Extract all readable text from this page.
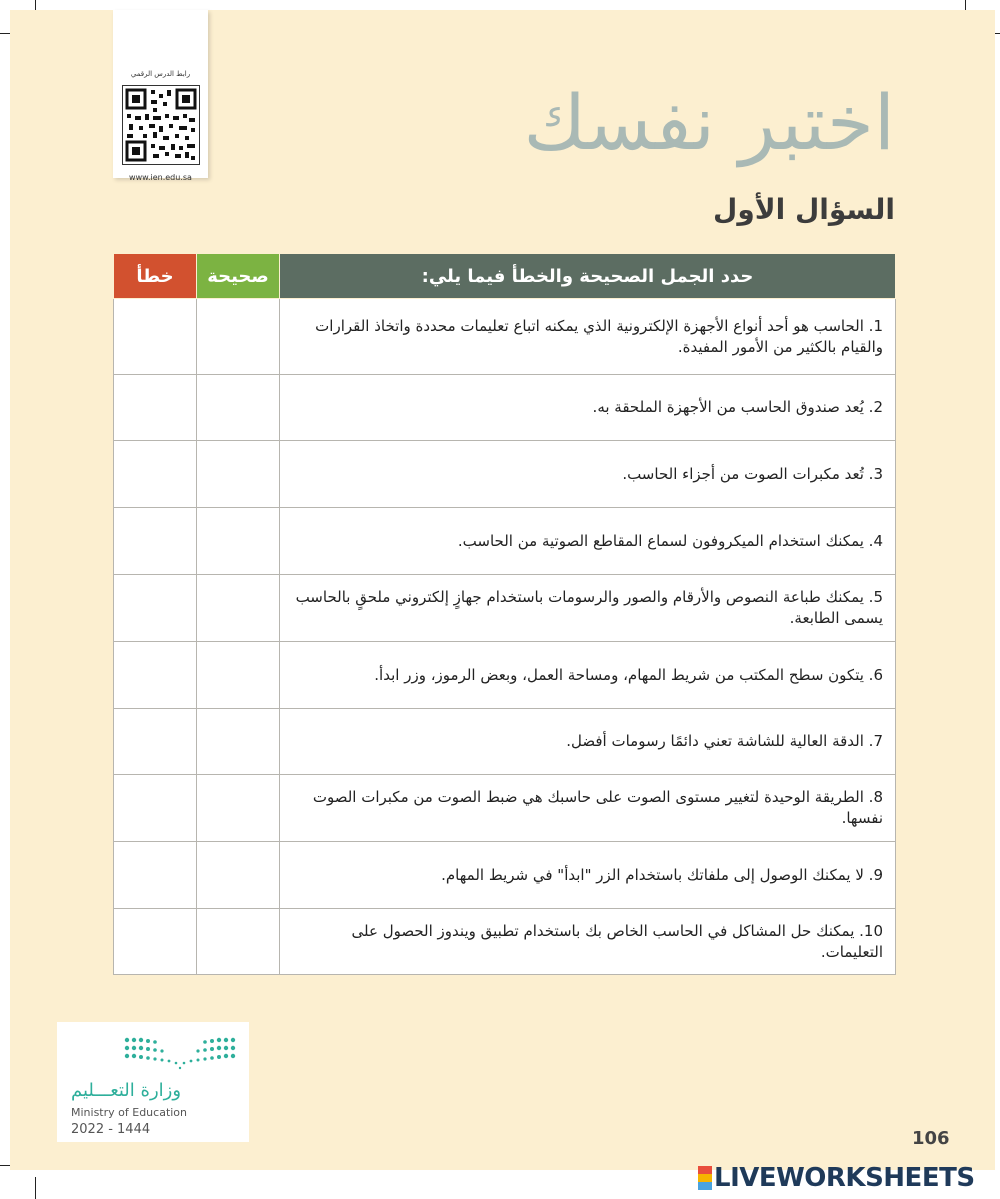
رابط الدرس الرقمي
www.ien.edu.sa
اختبر نفسك
السؤال الأول
حدد الجمل الصحيحة والخطأ فيما يلي:	صحيحة	خطأ
1. الحاسب هو أحد أنواع الأجهزة الإلكترونية الذي يمكنه اتباع تعليمات محددة واتخاذ القرارات والقيام بالكثير من الأمور المفيدة.		
2. يُعد صندوق الحاسب من الأجهزة الملحقة به.		
3. تُعد مكبرات الصوت من أجزاء الحاسب.		
4. يمكنك استخدام الميكروفون لسماع المقاطع الصوتية من الحاسب.		
5. يمكنك طباعة النصوص والأرقام والصور والرسومات باستخدام جهازٍ إلكتروني ملحقٍ بالحاسب يسمى الطابعة.		
6. يتكون سطح المكتب من شريط المهام، ومساحة العمل، وبعض الرموز، وزر ابدأ.		
7. الدقة العالية للشاشة تعني دائمًا رسومات أفضل.		
8. الطريقة الوحيدة لتغيير مستوى الصوت على حاسبك هي ضبط الصوت من مكبرات الصوت نفسها.		
9. لا يمكنك الوصول إلى ملفاتك باستخدام الزر "ابدأ" في شريط المهام.		
10. يمكنك حل المشاكل في الحاسب الخاص بك باستخدام تطبيق ويندوز الحصول على التعليمات.		
وزارة التعـــليم
Ministry of Education
2022 - 1444	106
LIVEWORKSHEETS
